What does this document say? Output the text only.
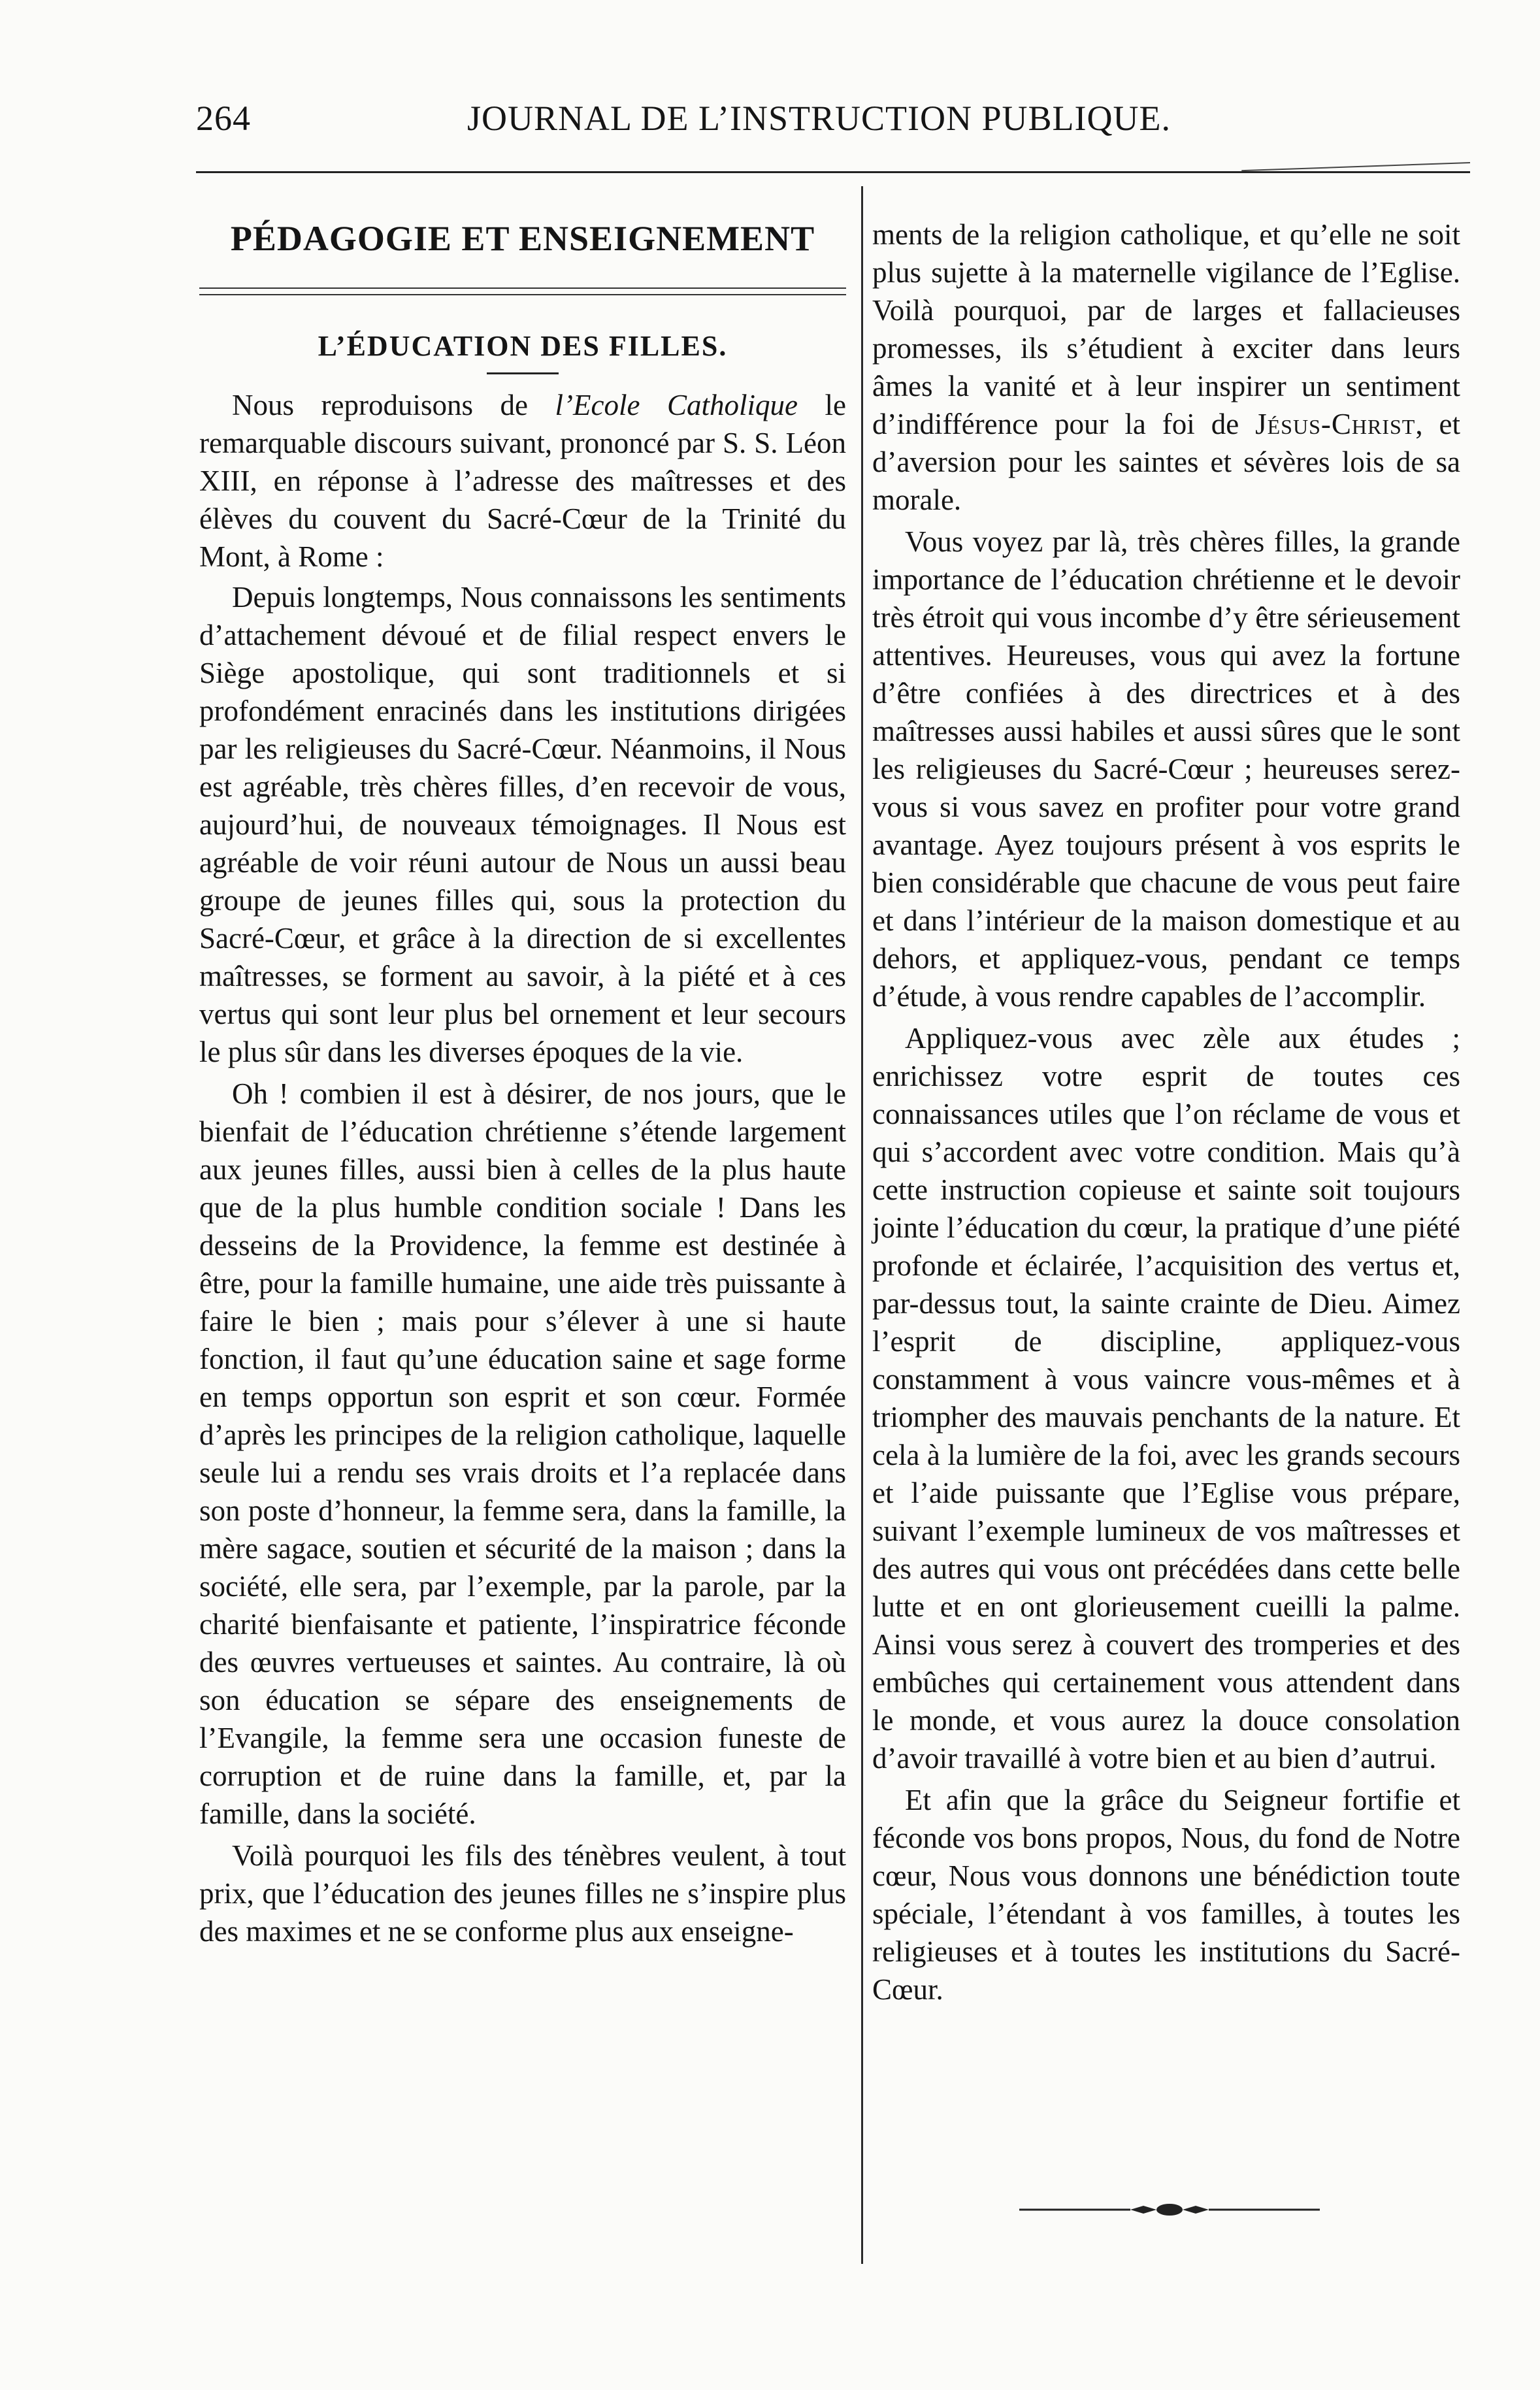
264	JOURNAL DE L’INSTRUCTION PUBLIQUE.
PÉDAGOGIE ET ENSEIGNEMENT
L’ÉDUCATION DES FILLES.

Nous reproduisons de l’Ecole Catholique le remarquable discours suivant, prononcé par S. S. Léon XIII, en réponse à l’adresse des maîtresses et des élèves du couvent du Sacré-Cœur de la Trinité du Mont, à Rome :

Depuis longtemps, Nous connaissons les sentiments d’attachement dévoué et de filial respect envers le Siège apostolique, qui sont traditionnels et si profondément enracinés dans les institutions dirigées par les religieuses du Sacré-Cœur. Néanmoins, il Nous est agréable, très chères filles, d’en recevoir de vous, aujourd’hui, de nouveaux témoignages. Il Nous est agréable de voir réuni autour de Nous un aussi beau groupe de jeunes filles qui, sous la protection du Sacré-Cœur, et grâce à la direction de si excellentes maîtresses, se forment au savoir, à la piété et à ces vertus qui sont leur plus bel ornement et leur secours le plus sûr dans les diverses époques de la vie.

Oh ! combien il est à désirer, de nos jours, que le bienfait de l’éducation chrétienne s’étende largement aux jeunes filles, aussi bien à celles de la plus haute que de la plus humble condition sociale ! Dans les desseins de la Providence, la femme est destinée à être, pour la famille humaine, une aide très puissante à faire le bien ; mais pour s’élever à une si haute fonction, il faut qu’une éducation saine et sage forme en temps opportun son esprit et son cœur. Formée d’après les principes de la religion catholique, laquelle seule lui a rendu ses vrais droits et l’a replacée dans son poste d’honneur, la femme sera, dans la famille, la mère sagace, soutien et sécurité de la maison ; dans la société, elle sera, par l’exemple, par la parole, par la charité bienfaisante et patiente, l’inspiratrice féconde des œuvres vertueuses et saintes. Au contraire, là où son éducation se sépare des enseignements de l’Evangile, la femme sera une occasion funeste de corruption et de ruine dans la famille, et, par la famille, dans la société.

Voilà pourquoi les fils des ténèbres veulent, à tout prix, que l’éducation des jeunes filles ne s’inspire plus des maximes et ne se conforme plus aux enseigne-

ments de la religion catholique, et qu’elle ne soit plus sujette à la maternelle vigilance de l’Eglise. Voilà pourquoi, par de larges et fallacieuses promesses, ils s’étudient à exciter dans leurs âmes la vanité et à leur inspirer un sentiment d’indifférence pour la foi de Jésus-Christ, et d’aversion pour les saintes et sévères lois de sa morale.

Vous voyez par là, très chères filles, la grande importance de l’éducation chrétienne et le devoir très étroit qui vous incombe d’y être sérieusement attentives. Heureuses, vous qui avez la fortune d’être confiées à des directrices et à des maîtresses aussi habiles et aussi sûres que le sont les religieuses du Sacré-Cœur ; heureuses serez-vous si vous savez en profiter pour votre grand avantage. Ayez toujours présent à vos esprits le bien considérable que chacune de vous peut faire et dans l’intérieur de la maison domestique et au dehors, et appliquez-vous, pendant ce temps d’étude, à vous rendre capables de l’accomplir.

Appliquez-vous avec zèle aux études ; enrichissez votre esprit de toutes ces connaissances utiles que l’on réclame de vous et qui s’accordent avec votre condition. Mais qu’à cette instruction copieuse et sainte soit toujours jointe l’éducation du cœur, la pratique d’une piété profonde et éclairée, l’acquisition des vertus et, par-dessus tout, la sainte crainte de Dieu. Aimez l’esprit de discipline, appliquez-vous constamment à vous vaincre vous-mêmes et à triompher des mauvais penchants de la nature. Et cela à la lumière de la foi, avec les grands secours et l’aide puissante que l’Eglise vous prépare, suivant l’exemple lumineux de vos maîtresses et des autres qui vous ont précédées dans cette belle lutte et en ont glorieusement cueilli la palme. Ainsi vous serez à couvert des tromperies et des embûches qui certainement vous attendent dans le monde, et vous aurez la douce consolation d’avoir travaillé à votre bien et au bien d’autrui.

Et afin que la grâce du Seigneur fortifie et féconde vos bons propos, Nous, du fond de Notre cœur, Nous vous donnons une bénédiction toute spéciale, l’étendant à vos familles, à toutes les religieuses et à toutes les institutions du Sacré-Cœur.
